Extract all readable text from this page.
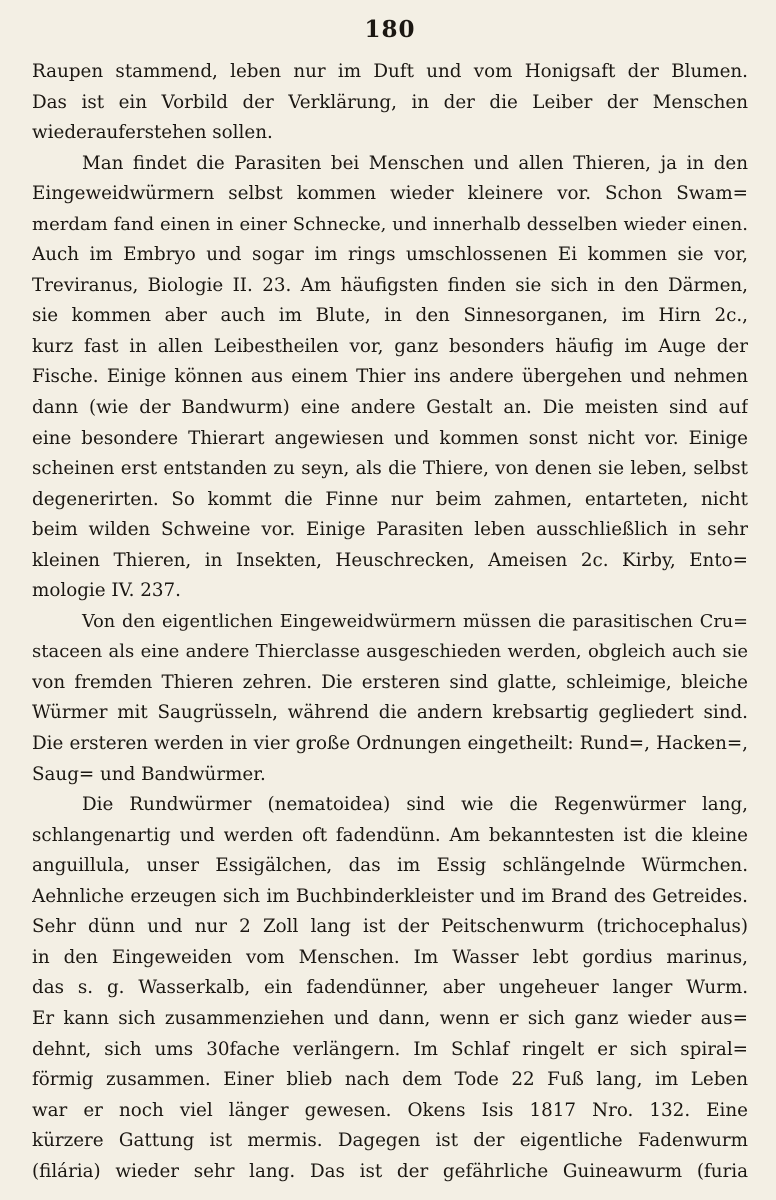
180
Raupen stammend, leben nur im Duft und vom Honigsaft der Blumen.
Das ist ein Vorbild der Verklärung, in der die Leiber der Menschen
wiederauferstehen sollen.
Man findet die Parasiten bei Menschen und allen Thieren, ja in den
Eingeweidwürmern selbst kommen wieder kleinere vor. Schon Swam=
merdam fand einen in einer Schnecke, und innerhalb desselben wieder einen.
Auch im Embryo und sogar im rings umschlossenen Ei kommen sie vor,
Treviranus, Biologie II. 23. Am häufigsten finden sie sich in den Därmen,
sie kommen aber auch im Blute, in den Sinnesorganen, im Hirn 2c.,
kurz fast in allen Leibestheilen vor, ganz besonders häufig im Auge der
Fische. Einige können aus einem Thier ins andere übergehen und nehmen
dann (wie der Bandwurm) eine andere Gestalt an. Die meisten sind auf
eine besondere Thierart angewiesen und kommen sonst nicht vor. Einige
scheinen erst entstanden zu seyn, als die Thiere, von denen sie leben, selbst
degenerirten. So kommt die Finne nur beim zahmen, entarteten, nicht
beim wilden Schweine vor. Einige Parasiten leben ausschließlich in sehr
kleinen Thieren, in Insekten, Heuschrecken, Ameisen 2c. Kirby, Ento=
mologie IV. 237.
Von den eigentlichen Eingeweidwürmern müssen die parasitischen Cru=
staceen als eine andere Thierclasse ausgeschieden werden, obgleich auch sie
von fremden Thieren zehren. Die ersteren sind glatte, schleimige, bleiche
Würmer mit Saugrüsseln, während die andern krebsartig gegliedert sind.
Die ersteren werden in vier große Ordnungen eingetheilt: Rund=, Hacken=,
Saug= und Bandwürmer.
Die Rundwürmer (nematoidea) sind wie die Regenwürmer lang,
schlangenartig und werden oft fadendünn. Am bekanntesten ist die kleine
anguillula, unser Essigälchen, das im Essig schlängelnde Würmchen.
Aehnliche erzeugen sich im Buchbinderkleister und im Brand des Getreides.
Sehr dünn und nur 2 Zoll lang ist der Peitschenwurm (trichocephalus)
in den Eingeweiden vom Menschen. Im Wasser lebt gordius marinus,
das s. g. Wasserkalb, ein fadendünner, aber ungeheuer langer Wurm.
Er kann sich zusammenziehen und dann, wenn er sich ganz wieder aus=
dehnt, sich ums 30fache verlängern. Im Schlaf ringelt er sich spiral=
förmig zusammen. Einer blieb nach dem Tode 22 Fuß lang, im Leben
war er noch viel länger gewesen. Okens Isis 1817 Nro. 132. Eine
kürzere Gattung ist mermis. Dagegen ist der eigentliche Fadenwurm
(filária) wieder sehr lang. Das ist der gefährliche Guineawurm (furia
